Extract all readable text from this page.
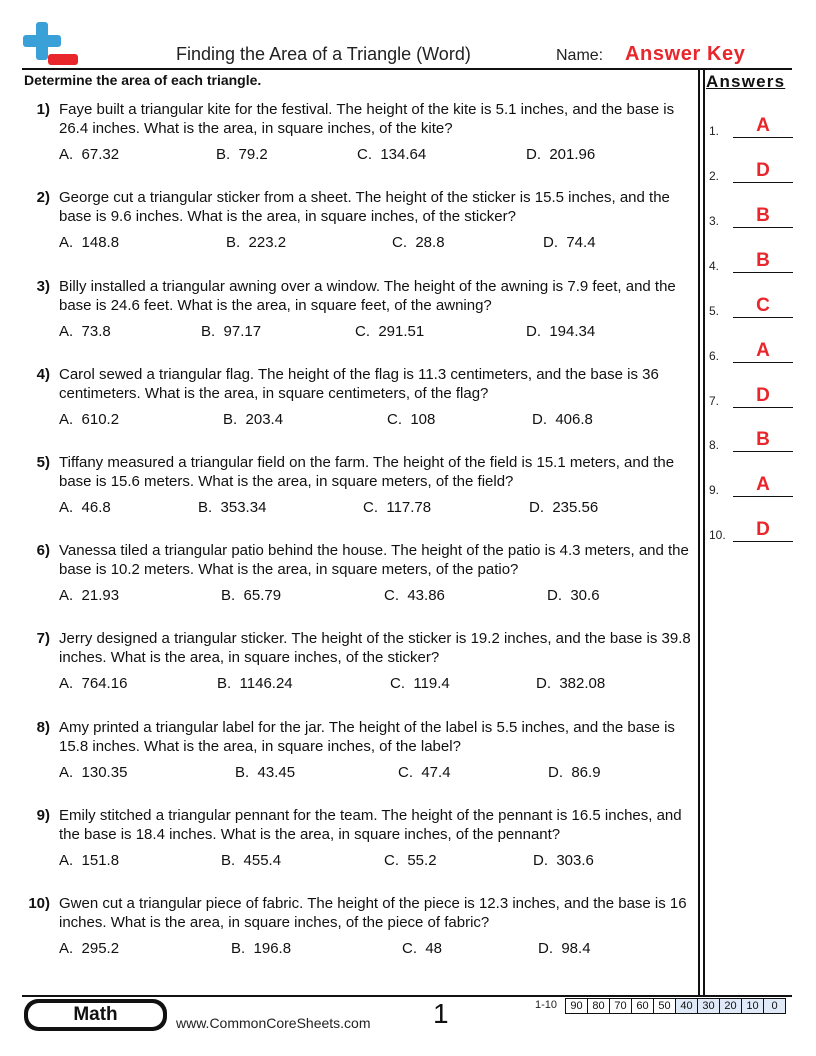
Finding the Area of a Triangle (Word)	Name: Answer Key
Determine the area of each triangle.	Answers
1) Faye built a triangular kite for the festival. The height of the kite is 5.1 inches, and the base is 26.4 inches. What is the area, in square inches, of the kite?
A. 67.32	B. 79.2	C. 134.64	D. 201.96
2) George cut a triangular sticker from a sheet. The height of the sticker is 15.5 inches, and the base is 9.6 inches. What is the area, in square inches, of the sticker?
A. 148.8	B. 223.2	C. 28.8	D. 74.4
3) Billy installed a triangular awning over a window. The height of the awning is 7.9 feet, and the base is 24.6 feet. What is the area, in square feet, of the awning?
A. 73.8	B. 97.17	C. 291.51	D. 194.34
4) Carol sewed a triangular flag. The height of the flag is 11.3 centimeters, and the base is 36 centimeters. What is the area, in square centimeters, of the flag?
A. 610.2	B. 203.4	C. 108	D. 406.8
5) Tiffany measured a triangular field on the farm. The height of the field is 15.1 meters, and the base is 15.6 meters. What is the area, in square meters, of the field?
A. 46.8	B. 353.34	C. 117.78	D. 235.56
6) Vanessa tiled a triangular patio behind the house. The height of the patio is 4.3 meters, and the base is 10.2 meters. What is the area, in square meters, of the patio?
A. 21.93	B. 65.79	C. 43.86	D. 30.6
7) Jerry designed a triangular sticker. The height of the sticker is 19.2 inches, and the base is 39.8 inches. What is the area, in square inches, of the sticker?
A. 764.16	B. 1146.24	C. 119.4	D. 382.08
8) Amy printed a triangular label for the jar. The height of the label is 5.5 inches, and the base is 15.8 inches. What is the area, in square inches, of the label?
A. 130.35	B. 43.45	C. 47.4	D. 86.9
9) Emily stitched a triangular pennant for the team. The height of the pennant is 16.5 inches, and the base is 18.4 inches. What is the area, in square inches, of the pennant?
A. 151.8	B. 455.4	C. 55.2	D. 303.6
10) Gwen cut a triangular piece of fabric. The height of the piece is 12.3 inches, and the base is 16 inches. What is the area, in square inches, of the piece of fabric?
A. 295.2	B. 196.8	C. 48	D. 98.4
1.	A
2.	D
3.	B
4.	B
5.	C
6.	A
7.	D
8.	B
9.	A
10.	D
Math	www.CommonCoreSheets.com 1	1-10 90	80	70	60	50	40	30	20	10	0
